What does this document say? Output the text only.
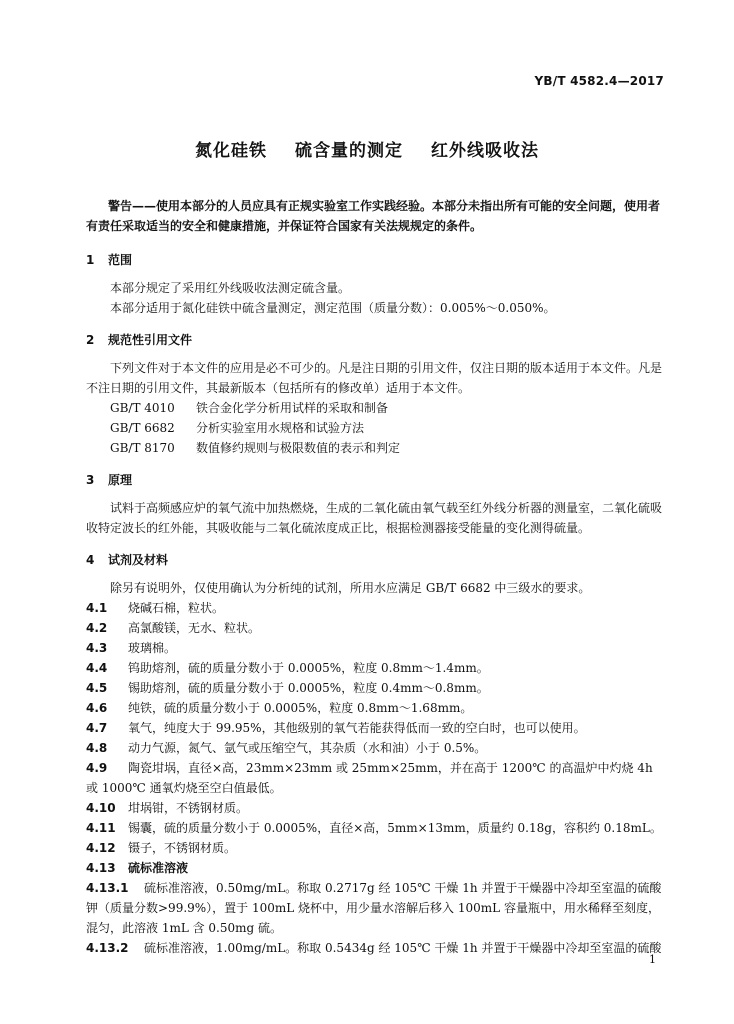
YB/T 4582.4—2017
氮化硅铁 硫含量的测定 红外线吸收法
警告——使用本部分的人员应具有正规实验室工作实践经验。本部分未指出所有可能的安全问题，使用者有责任采取适当的安全和健康措施，并保证符合国家有关法规规定的条件。
1 范围

本部分规定了采用红外线吸收法测定硫含量。

本部分适用于氮化硅铁中硫含量测定，测定范围（质量分数）：0.005%～0.050%。

2 规范性引用文件

下列文件对于本文件的应用是必不可少的。凡是注日期的引用文件，仅注日期的版本适用于本文件。凡是不注日期的引用文件，其最新版本（包括所有的修改单）适用于本文件。

GB/T 4010 铁合金化学分析用试样的采取和制备

GB/T 6682 分析实验室用水规格和试验方法

GB/T 8170 数值修约规则与极限数值的表示和判定

3 原理

试料于高频感应炉的氧气流中加热燃烧，生成的二氧化硫由氧气载至红外线分析器的测量室，二氧化硫吸收特定波长的红外能，其吸收能与二氧化硫浓度成正比，根据检测器接受能量的变化测得硫量。

4 试剂及材料

除另有说明外，仅使用确认为分析纯的试剂，所用水应满足 GB/T 6682 中三级水的要求。

4.1 烧碱石棉，粒状。

4.2 高氯酸镁，无水、粒状。

4.3 玻璃棉。

4.4 钨助熔剂，硫的质量分数小于 0.0005%，粒度 0.8mm～1.4mm。

4.5 锡助熔剂，硫的质量分数小于 0.0005%，粒度 0.4mm～0.8mm。

4.6 纯铁，硫的质量分数小于 0.0005%，粒度 0.8mm～1.68mm。

4.7 氧气，纯度大于 99.95%，其他级别的氧气若能获得低而一致的空白时，也可以使用。

4.8 动力气源，氮气、氩气或压缩空气，其杂质（水和油）小于 0.5%。

4.9 陶瓷坩埚，直径×高，23mm×23mm 或 25mm×25mm，并在高于 1200℃ 的高温炉中灼烧 4h 或 1000℃ 通氧灼烧至空白值最低。

4.10 坩埚钳，不锈钢材质。

4.11 锡囊，硫的质量分数小于 0.0005%，直径×高，5mm×13mm，质量约 0.18g，容积约 0.18mL。

4.12 镊子，不锈钢材质。

4.13 硫标准溶液

4.13.1 硫标准溶液，0.50mg/mL。称取 0.2717g 经 105℃ 干燥 1h 并置于干燥器中冷却至室温的硫酸钾（质量分数>99.9%），置于 100mL 烧杯中，用少量水溶解后移入 100mL 容量瓶中，用水稀释至刻度，混匀，此溶液 1mL 含 0.50mg 硫。

4.13.2 硫标准溶液，1.00mg/mL。称取 0.5434g 经 105℃ 干燥 1h 并置于干燥器中冷却至室温的硫酸

1
